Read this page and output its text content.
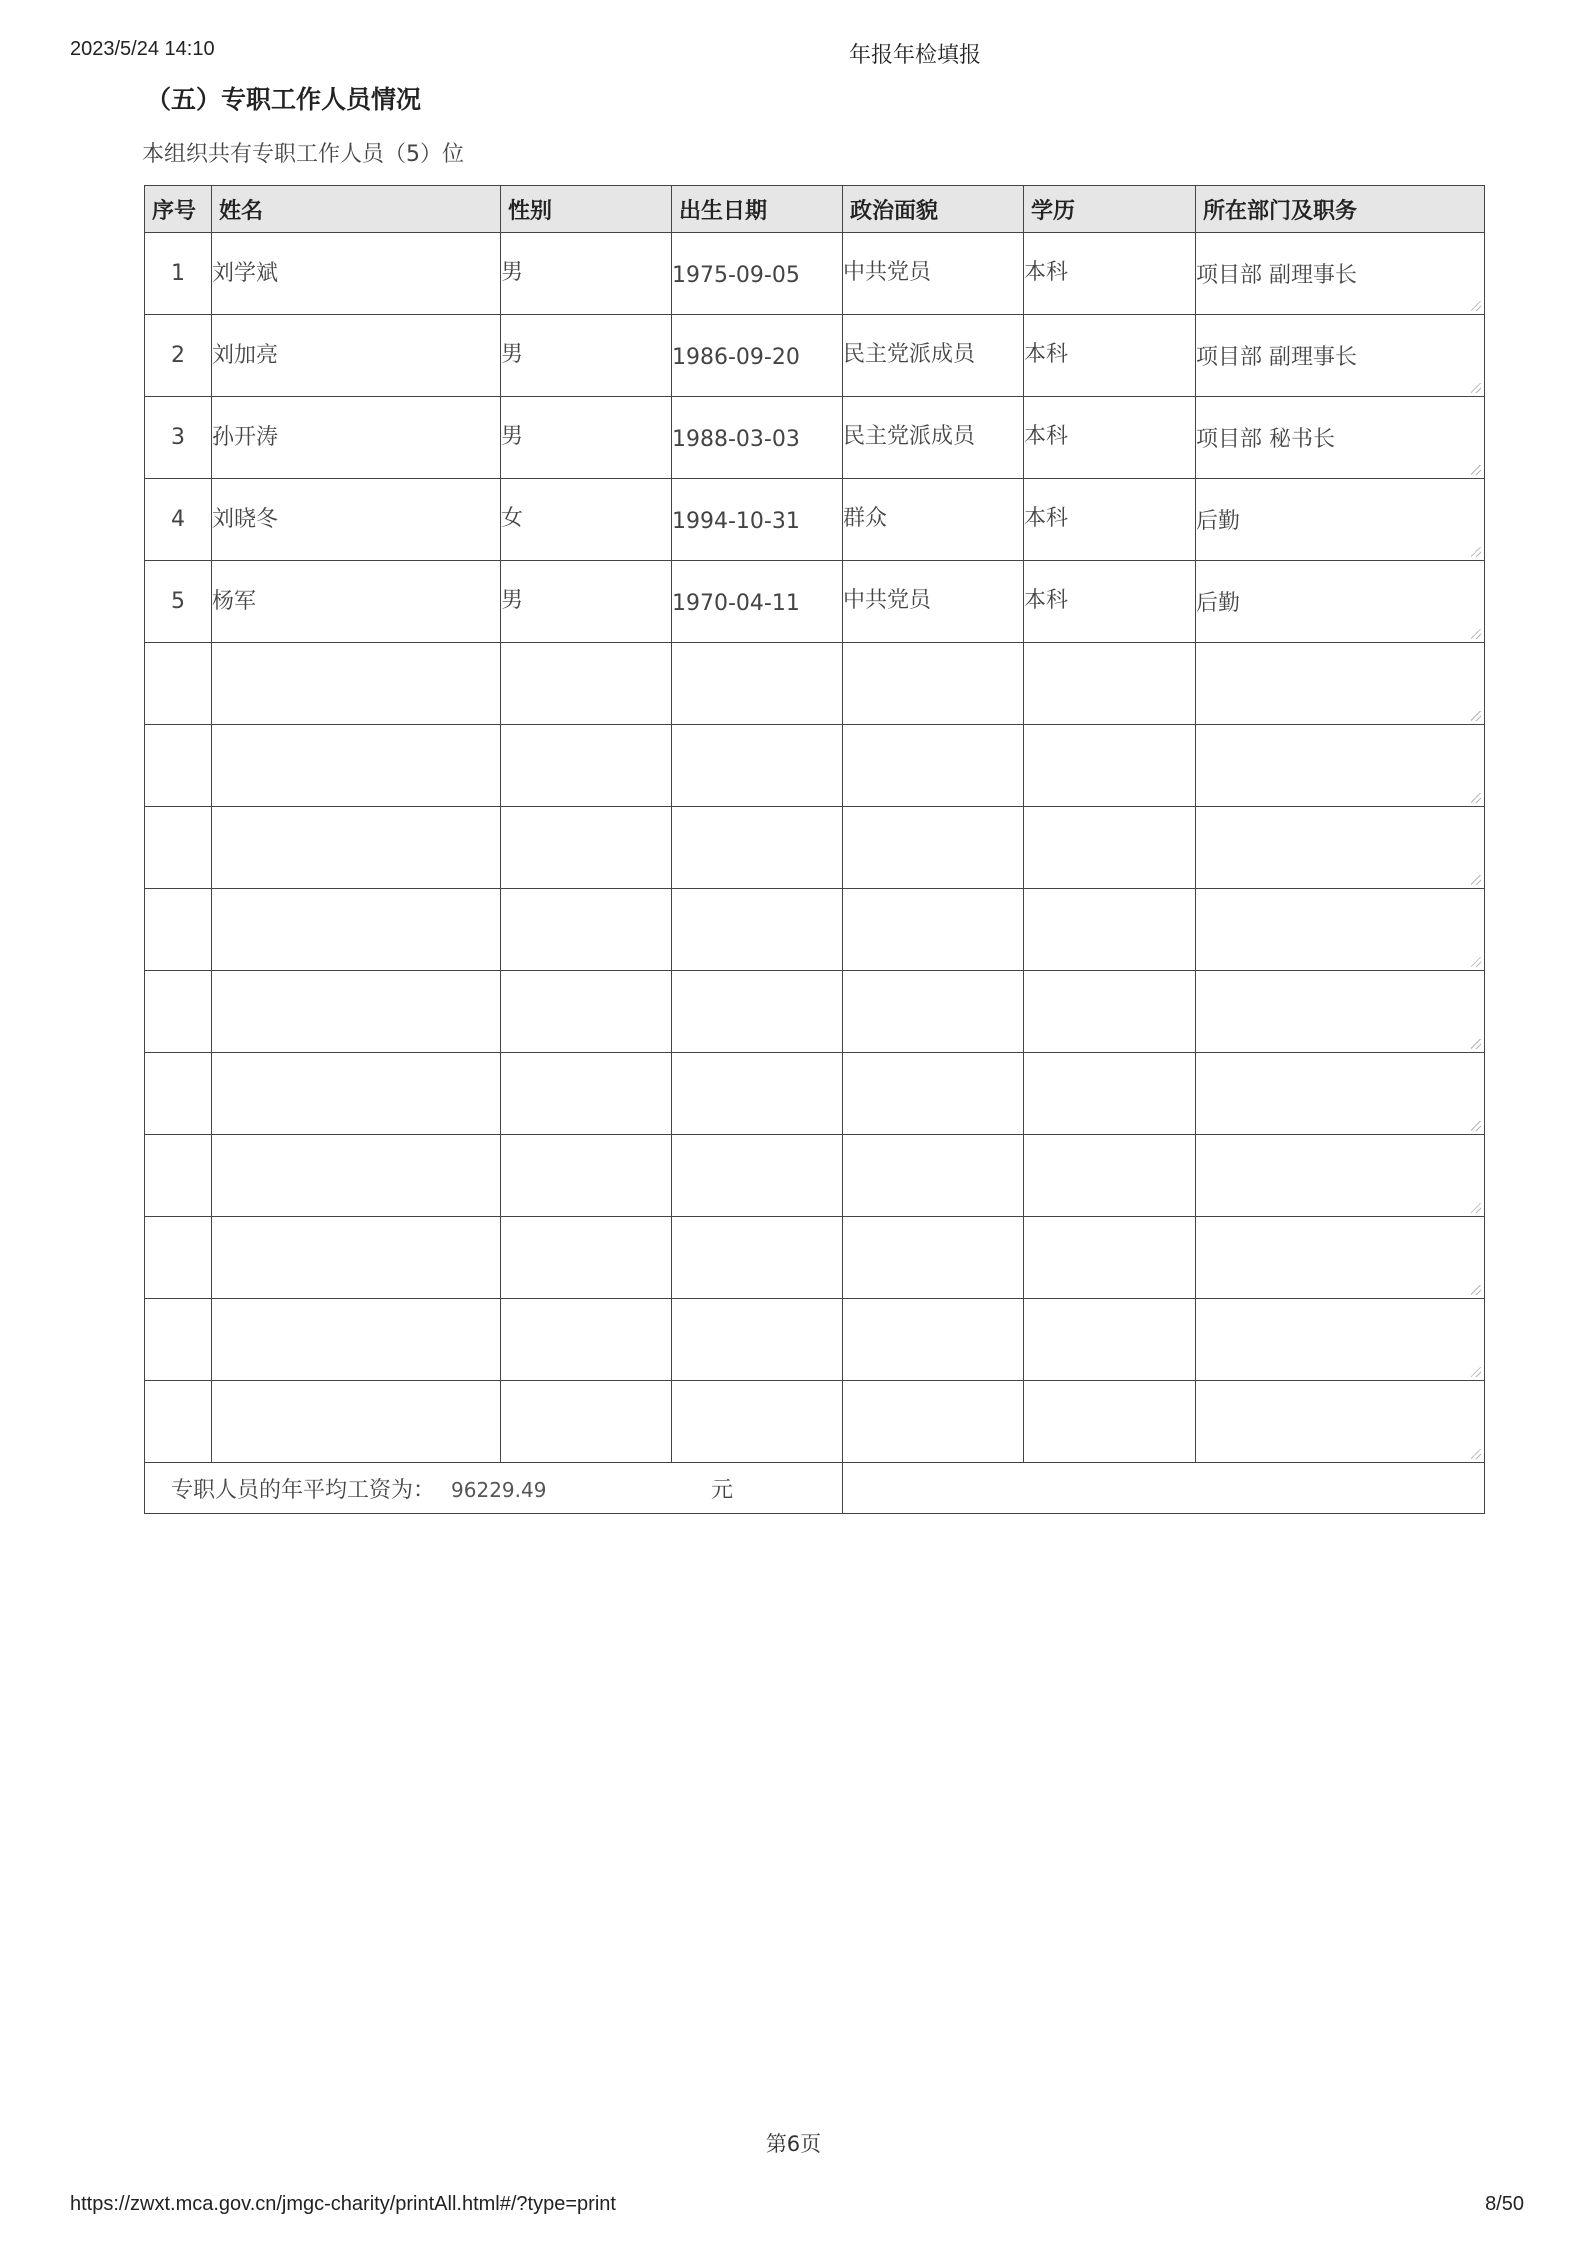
2023/5/24 14:10	年报年检填报
（五）专职工作人员情况
本组织共有专职工作人员（5）位
序号	姓名	性别	出生日期	政治面貌	学历	所在部门及职务
1	刘学斌	男	1975-09-05	中共党员	本科	项目部 副理事长

2	刘加亮	男	1986-09-20	民主党派成员	本科	项目部 副理事长

3	孙开涛	男	1988-03-03	民主党派成员	本科	项目部 秘书长

4	刘晓冬	女	1994-10-31	群众	本科	后勤

5	杨军	男	1970-04-11	中共党员	本科	后勤

专职人员的年平均工资为： 96229.49 元						
第6页
https://zwxt.mca.gov.cn/jmgc-charity/printAll.html#/?type=print	8/50
